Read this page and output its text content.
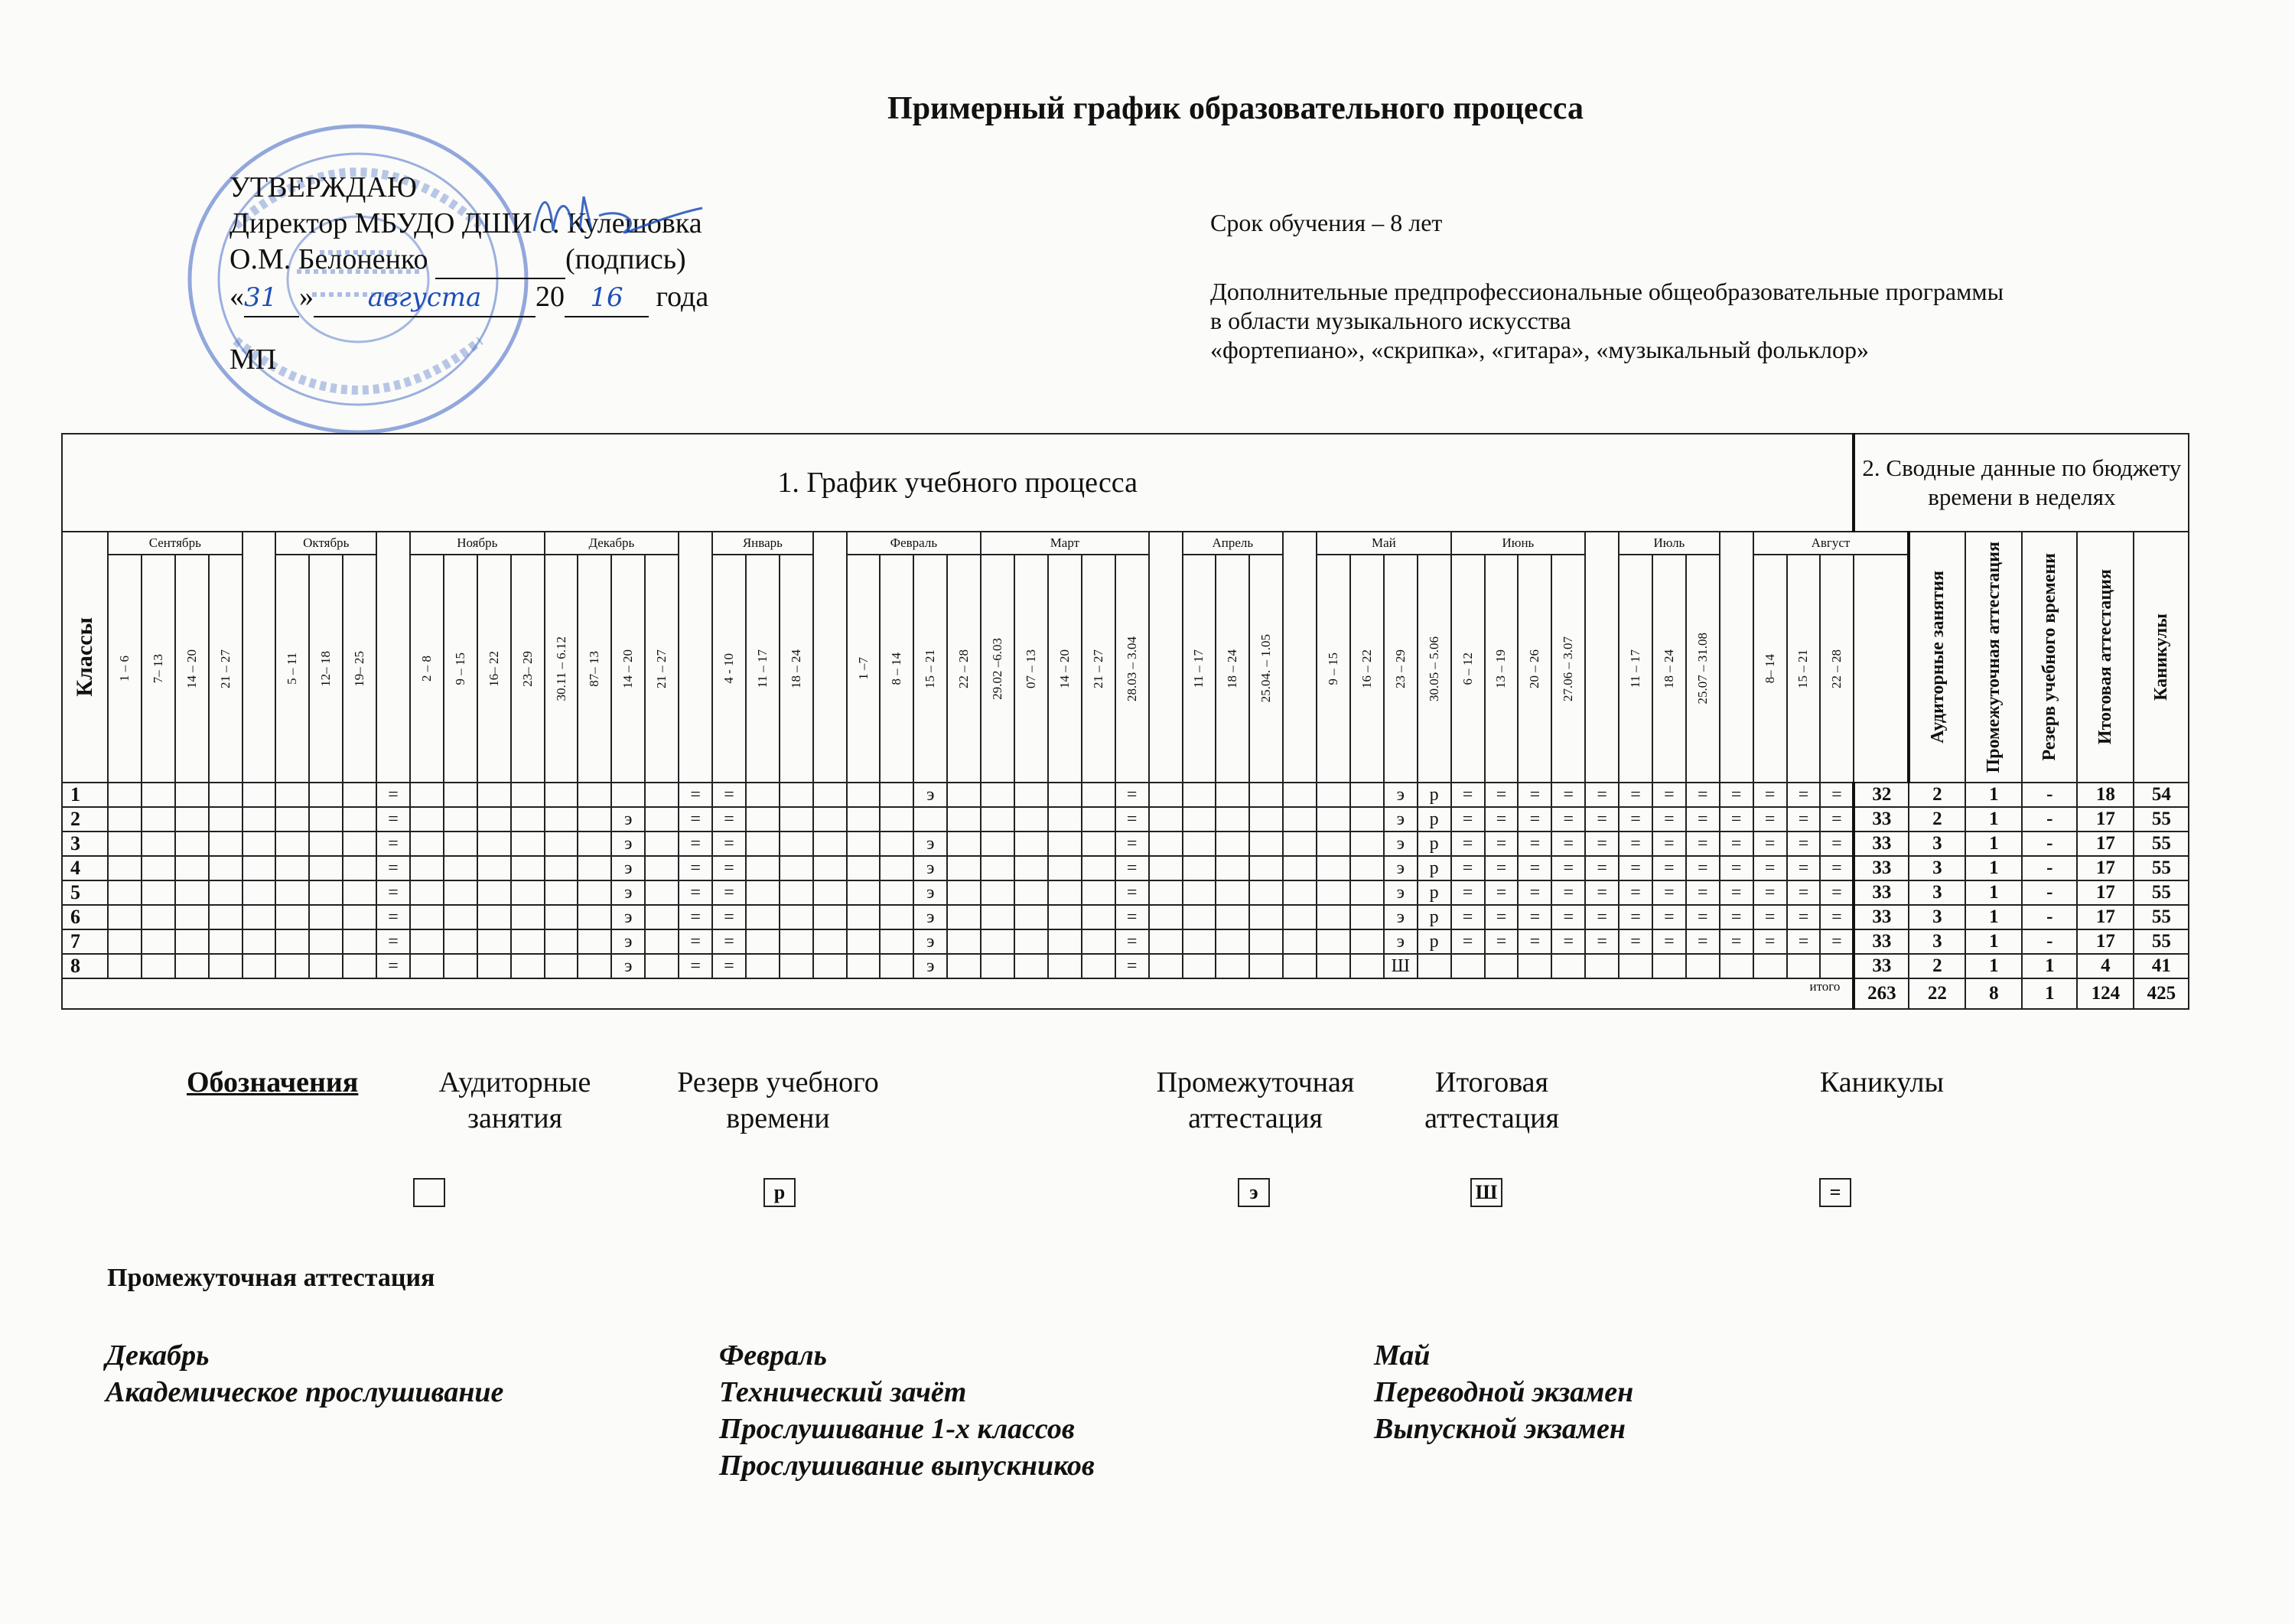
Примерный график образовательного процесса
УТВЕРЖДАЮ
Директор МБУДО ДШИ с. Кулешовка
О.М. Белоненко	(подпись)
«31 » августа 20 16 года
МП
Срок обучения – 8 лет
Дополнительные предпрофессиональные общеобразовательные программы
в области музыкального искусства
«фортепиано», «скрипка», «гитара», «музыкальный фольклор»
1. График учебного процесса																																																					2. Сводные данные по бюджету времени в неделях						

Классы	Сентябрь					Октябрь				Ноябрь				Декабрь					Январь				Февраль				Март						Апрель				Май				Июнь					Июль				Август				Аудиторные занятия	Промежуточная аттестация	Резерв учебного времени	Итоговая аттестация	Каникулы

	1 – 6	7– 13	14 – 20	21 – 27		5 – 11	12– 18	19– 25		2 – 8	9 – 15	16– 22	23– 29	30.11 – 6.12	87– 13	14 – 20	21 – 27		4 - 10	11 – 17	18 – 24		1 –7	8 – 14	15 – 21	22 – 28	29.02 –6.03	07 – 13	14 – 20	21 – 27	28.03 – 3.04		11 – 17	18 – 24	25.04. – 1.05		9 – 15	16 – 22	23 – 29	30.05 – 5.06	6 – 12	13 – 19	20 – 26	27.06 – 3.07		11 – 17	18 – 24	25.07 – 31.08		8– 14	15 – 21	22 – 28							

1									=									=	=						э						=								э	р	=	=	=	=	=	=	=	=	=	=	=	=	32	2	1	-	18	54	
2									=							э		=	=												=								э	р	=	=	=	=	=	=	=	=	=	=	=	=	33	2	1	-	17	55	
3									=							э		=	=						э						=								э	р	=	=	=	=	=	=	=	=	=	=	=	=	33	3	1	-	17	55	
4									=							э		=	=						э						=								э	р	=	=	=	=	=	=	=	=	=	=	=	=	33	3	1	-	17	55	
5									=							э		=	=						э						=								э	р	=	=	=	=	=	=	=	=	=	=	=	=	33	3	1	-	17	55	
6									=							э		=	=						э						=								э	р	=	=	=	=	=	=	=	=	=	=	=	=	33	3	1	-	17	55	
7									=							э		=	=						э						=								э	р	=	=	=	=	=	=	=	=	=	=	=	=	33	3	1	-	17	55	
8									=							э		=	=						э						=								Ш														33	2	1	1	4	41	
итого																																																					263	22	8	1	124	425	
Обозначения	Аудиторные занятия
Резерв учебного времени
Промежуточная аттестация
Итоговая аттестация
Каникулы
р	э	Ш	=
Промежуточная аттестация
Декабрь
Академическое прослушивание
Февраль
Технический зачёт
Прослушивание 1-х классов
Прослушивание выпускников
Май
Переводной экзамен
Выпускной экзамен
